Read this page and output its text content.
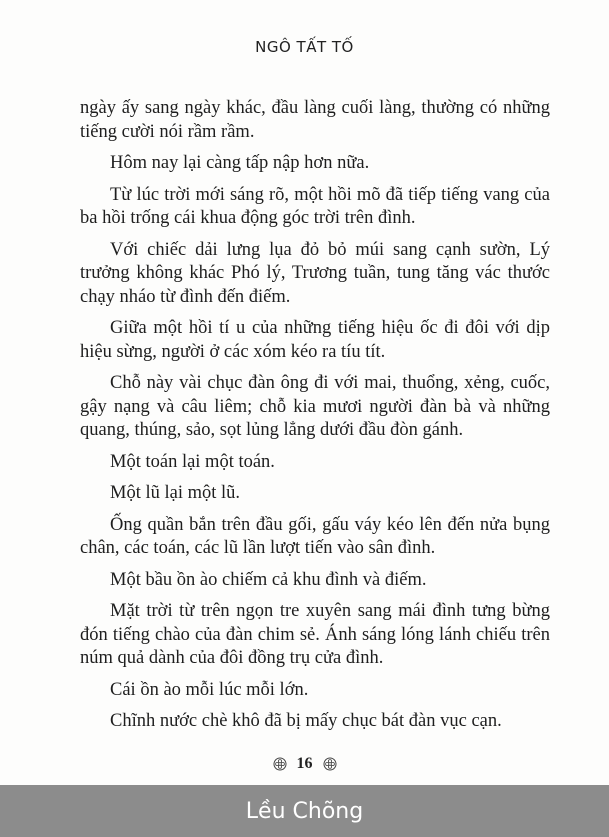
NGÔ TẤT TỐ

ngày ấy sang ngày khác, đầu làng cuối làng, thường có những tiếng cười nói rầm rầm.

Hôm nay lại càng tấp nập hơn nữa.

Từ lúc trời mới sáng rõ, một hồi mõ đã tiếp tiếng vang của ba hồi trống cái khua động góc trời trên đình.

Với chiếc dải lưng lụa đỏ bỏ múi sang cạnh sườn, Lý trưởng không khác Phó lý, Trương tuần, tung tăng vác thước chạy nháo từ đình đến điếm.

Giữa một hồi tí u của những tiếng hiệu ốc đi đôi với dịp hiệu sừng, người ở các xóm kéo ra tíu tít.

Chỗ này vài chục đàn ông đi với mai, thuổng, xẻng, cuốc, gậy nạng và câu liêm; chỗ kia mươi người đàn bà và những quang, thúng, sảo, sọt lủng lẳng dưới đầu đòn gánh.

Một toán lại một toán.

Một lũ lại một lũ.

Ống quần bắn trên đầu gối, gấu váy kéo lên đến nửa bụng chân, các toán, các lũ lần lượt tiến vào sân đình.

Một bầu ồn ào chiếm cả khu đình và điếm.

Mặt trời từ trên ngọn tre xuyên sang mái đình tưng bừng đón tiếng chào của đàn chim sẻ. Ánh sáng lóng lánh chiếu trên núm quả dành của đôi đồng trụ cửa đình.

Cái ồn ào mỗi lúc mỗi lớn.

Chĩnh nước chè khô đã bị mấy chục bát đàn vục cạn.

16
Lều Chõng
